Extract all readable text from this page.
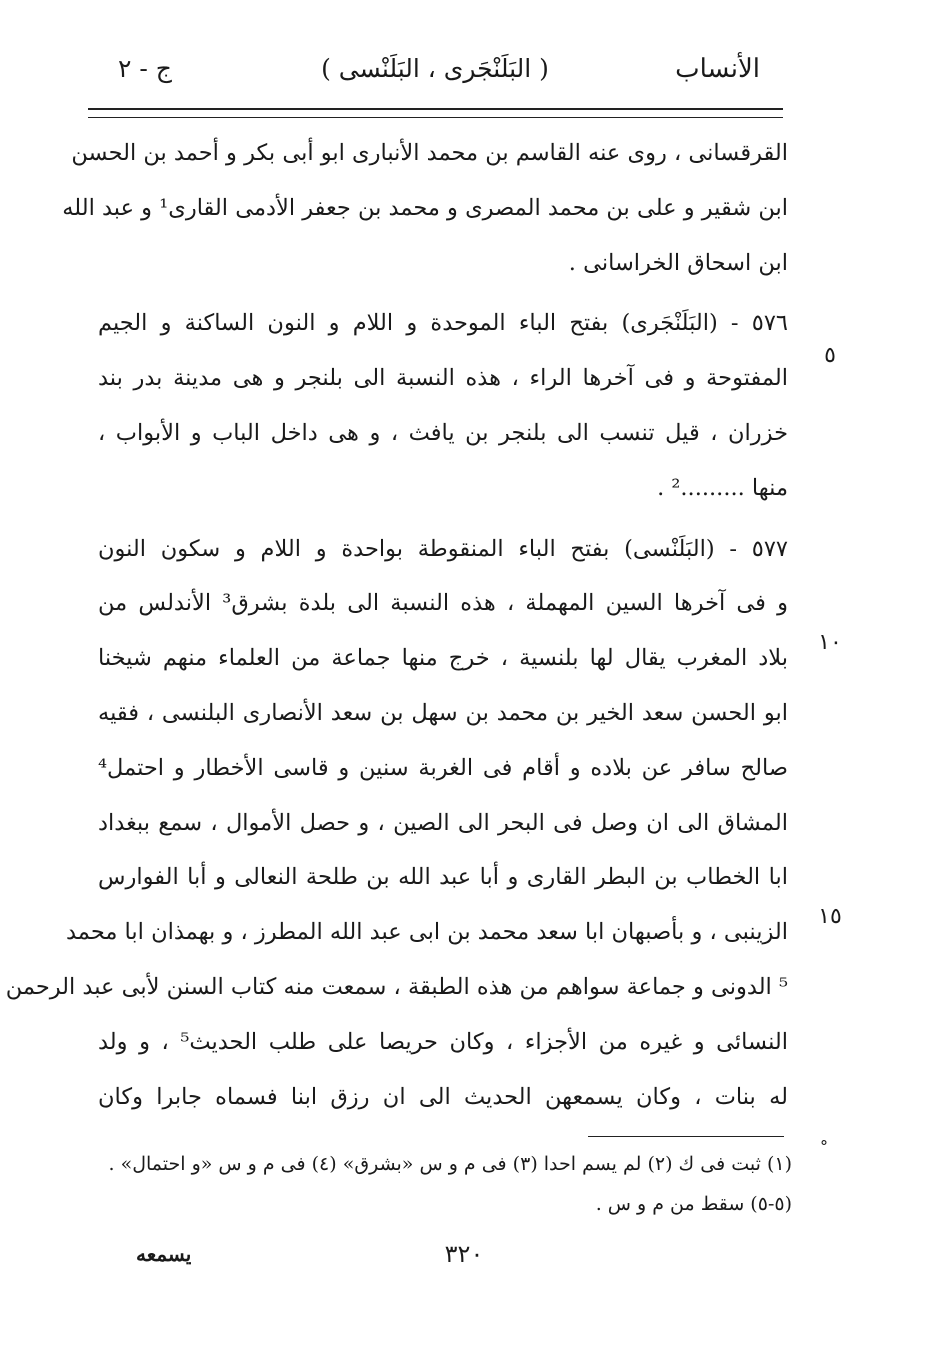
الأنساب
( البَلَنْجَرى ، البَلَنْسى )
ج - ٢
القرقسانى ، روى عنه القاسم بن محمد الأنبارى ابو أبى بكر و أحمد بن الحسن
ابن شقير و على بن محمد المصرى و محمد بن جعفر الأدمى القارى¹ و عبد الله
ابن اسحاق الخراسانى .
٥٧٦ - (البَلَنْجَرى) بفتح الباء الموحدة و اللام و النون الساكنة و الجيم
المفتوحة و فى آخرها الراء ، هذه النسبة الى بلنجر و هى مدينة بدر بند
خزران ، قيل تنسب الى بلنجر بن يافث ، و هى داخل الباب و الأبواب ،
منها .........² .
٥٧٧ - (البَلَنْسى) بفتح الباء المنقوطة بواحدة و اللام و سكون النون
و فى آخرها السين المهملة ، هذه النسبة الى بلدة بشرق³ الأندلس من
بلاد المغرب يقال لها بلنسية ، خرج منها جماعة من العلماء منهم شيخنا
ابو الحسن سعد الخير بن محمد بن سهل بن سعد الأنصارى البلنسى ، فقيه
صالح سافر عن بلاده و أقام فى الغربة سنين و قاسى الأخطار و احتمل⁴
المشاق الى ان وصل فى البحر الى الصين ، و حصل الأموال ، سمع ببغداد
ابا الخطاب بن البطر القارى و أبا عبد الله بن طلحة النعالى و أبا الفوارس
الزينبى ، و بأصبهان ابا سعد محمد بن ابى عبد الله المطرز ، و بهمذان ابا محمد
⁵ الدونى و جماعة سواهم من هذه الطبقة ، سمعت منه كتاب السنن لأبى عبد الرحمن
النسائى و غيره من الأجزاء ، وكان حريصا على طلب الحديث⁵ ، و ولد
له بنات ، وكان يسمعهن الحديث الى ان رزق ابنا فسماه جابرا وكان
٥
١٠
١٥
°
(١) ثبت فى ك (٢) لم يسم احدا (٣) فى م و س «بشرق» (٤) فى م و س «و احتمال» .
(٥-٥) سقط من م و س .
٣٢٠
يسمعه
